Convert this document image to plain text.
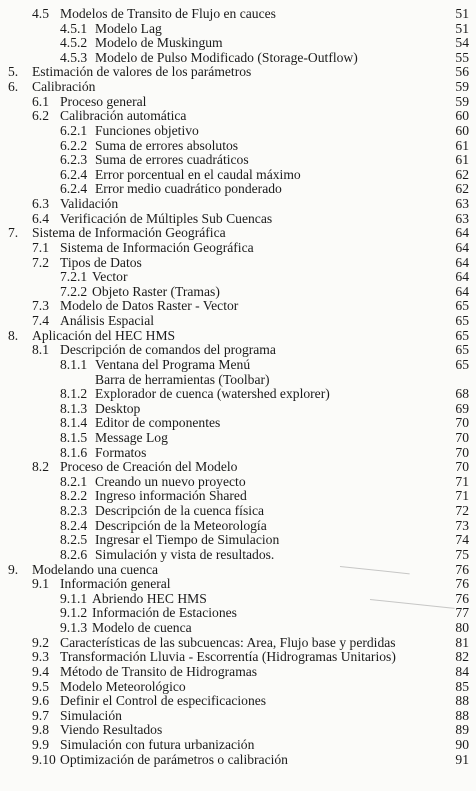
4.5 Modelos de Transito de Flujo en cauces	51
4.5.1 Modelo Lag	51
4.5.2 Modelo de Muskingum	54
4.5.3 Modelo de Pulso Modificado (Storage-Outflow)	55
5. Estimación de valores de los parámetros	56
6. Calibración	59
6.1 Proceso general	59
6.2 Calibración automática	60
6.2.1 Funciones objetivo	60
6.2.2 Suma de errores absolutos	61
6.2.3 Suma de errores cuadráticos	61
6.2.4 Error porcentual en el caudal máximo	62
6.2.4 Error medio cuadrático ponderado	62
6.3 Validación	63
6.4 Verificación de Múltiples Sub Cuencas	63
7. Sistema de Información Geográfica	64
7.1 Sistema de Información Geográfica	64
7.2 Tipos de Datos	64
7.2.1 Vector	64
7.2.2 Objeto Raster (Tramas)	64
7.3 Modelo de Datos Raster - Vector	65
7.4 Análisis Espacial	65
8. Aplicación del HEC HMS	65
8.1 Descripción de comandos del programa	65
8.1.1 Ventana del Programa Menú	65
Barra de herramientas (Toolbar)
8.1.2 Explorador de cuenca (watershed explorer)	68
8.1.3 Desktop	69
8.1.4 Editor de componentes	70
8.1.5 Message Log	70
8.1.6 Formatos	70
8.2 Proceso de Creación del Modelo	70
8.2.1 Creando un nuevo proyecto	71
8.2.2 Ingreso información Shared	71
8.2.3 Descripción de la cuenca física	72
8.2.4 Descripción de la Meteorología	73
8.2.5 Ingresar el Tiempo de Simulacion	74
8.2.6 Simulación y vista de resultados.	75
9. Modelando una cuenca	76
9.1 Información general	76
9.1.1 Abriendo HEC HMS	76
9.1.2 Información de Estaciones	77
9.1.3 Modelo de cuenca	80
9.2 Características de las subcuencas: Area, Flujo base y perdidas	81
9.3 Transformación Lluvia - Escorrentía (Hidrogramas Unitarios)	82
9.4 Método de Transito de Hidrogramas	84
9.5 Modelo Meteorológico	85
9.6 Definir el Control de especificaciones	88
9.7 Simulación	88
9.8 Viendo Resultados	89
9.9 Simulación con futura urbanización	90
9.10 Optimización de parámetros o calibración	91
